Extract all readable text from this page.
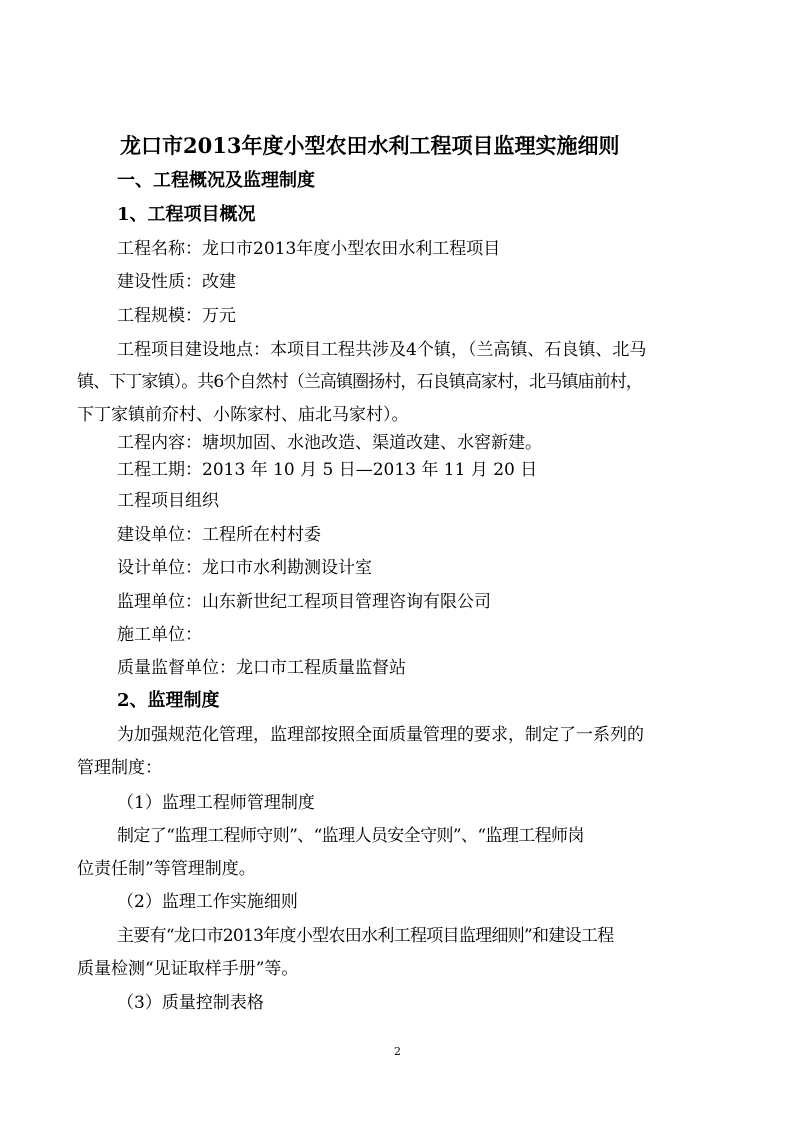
龙口市2013年度小型农田水利工程项目监理实施细则
一、工程概况及监理制度
1、工程项目概况
工程名称：龙口市2013年度小型农田水利工程项目
建设性质：改建
工程规模：万元
工程项目建设地点：本项目工程共涉及4个镇，（兰高镇、石良镇、北马
镇、下丁家镇）。共6个自然村（兰高镇圈扬村，石良镇高家村，北马镇庙前村，
下丁家镇前夼村、小陈家村、庙北马家村）。
工程内容：塘坝加固、水池改造、渠道改建、水窖新建。
工程工期：2013 年 10 月 5 日—2013 年 11 月 20 日
工程项目组织
建设单位：工程所在村村委
设计单位：龙口市水利勘测设计室
监理单位：山东新世纪工程项目管理咨询有限公司
施工单位：
质量监督单位：龙口市工程质量监督站
2、监理制度
为加强规范化管理，监理部按照全面质量管理的要求，制定了一系列的
管理制度：
（1）监理工程师管理制度
制定了“监理工程师守则”、“监理人员安全守则”、“监理工程师岗
位责任制”等管理制度。
（2）监理工作实施细则
主要有“龙口市2013年度小型农田水利工程项目监理细则”和建设工程
质量检测“见证取样手册”等。
（3）质量控制表格
2
